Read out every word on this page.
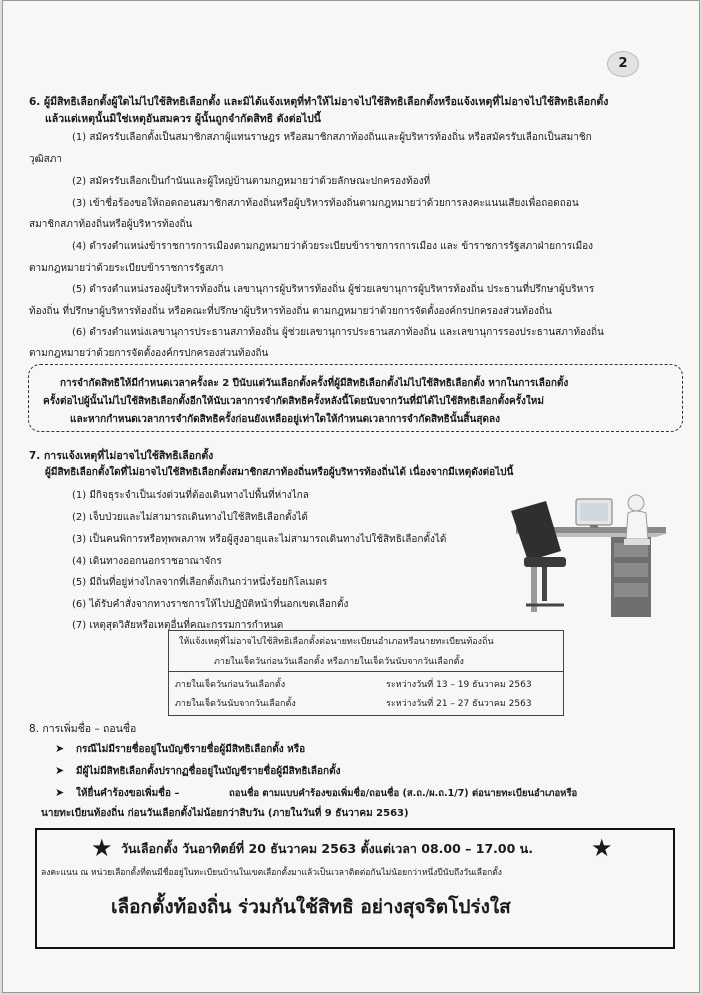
2
6. ผู้มีสิทธิเลือกตั้งผู้ใดไม่ไปใช้สิทธิเลือกตั้ง และมิได้แจ้งเหตุที่ทำให้ไม่อาจไปใช้สิทธิเลือกตั้งหรือแจ้งเหตุที่ไม่อาจไปใช้สิทธิเลือกตั้ง
แล้วแต่เหตุนั้นมิใช่เหตุอันสมควร ผู้นั้นถูกจำกัดสิทธิ ดังต่อไปนี้
(1) สมัครรับเลือกตั้งเป็นสมาชิกสภาผู้แทนราษฎร หรือสมาชิกสภาท้องถิ่นและผู้บริหารท้องถิ่น หรือสมัครรับเลือกเป็นสมาชิก
วุฒิสภา
(2) สมัครรับเลือกเป็นกำนันและผู้ใหญ่บ้านตามกฎหมายว่าด้วยลักษณะปกครองท้องที่
(3) เข้าชื่อร้องขอให้ถอดถอนสมาชิกสภาท้องถิ่นหรือผู้บริหารท้องถิ่นตามกฎหมายว่าด้วยการลงคะแนนเสียงเพื่อถอดถอน
สมาชิกสภาท้องถิ่นหรือผู้บริหารท้องถิ่น
(4) ดำรงตำแหน่งข้าราชการการเมืองตามกฎหมายว่าด้วยระเบียบข้าราชการการเมือง และ ข้าราชการรัฐสภาฝ่ายการเมือง
ตามกฎหมายว่าด้วยระเบียบข้าราชการรัฐสภา
(5) ดำรงตำแหน่งรองผู้บริหารท้องถิ่น เลขานุการผู้บริหารท้องถิ่น ผู้ช่วยเลขานุการผู้บริหารท้องถิ่น ประธานที่ปรึกษาผู้บริหาร
ท้องถิ่น ที่ปรึกษาผู้บริหารท้องถิ่น หรือคณะที่ปรึกษาผู้บริหารท้องถิ่น ตามกฎหมายว่าด้วยการจัดตั้งองค์กรปกครองส่วนท้องถิ่น
(6) ดำรงตำแหน่งเลขานุการประธานสภาท้องถิ่น ผู้ช่วยเลขานุการประธานสภาท้องถิ่น และเลขานุการรองประธานสภาท้องถิ่น
ตามกฎหมายว่าด้วยการจัดตั้งองค์กรปกครองส่วนท้องถิ่น
การจำกัดสิทธิให้มีกำหนดเวลาครั้งละ 2 ปีนับแต่วันเลือกตั้งครั้งที่ผู้มีสิทธิเลือกตั้งไม่ไปใช้สิทธิเลือกตั้ง หากในการเลือกตั้ง
ครั้งต่อไปผู้นั้นไม่ไปใช้สิทธิเลือกตั้งอีกให้นับเวลาการจำกัดสิทธิครั้งหลังนี้โดยนับจากวันที่มิได้ไปใช้สิทธิเลือกตั้งครั้งใหม่
และหากกำหนดเวลาการจำกัดสิทธิครั้งก่อนยังเหลืออยู่เท่าใดให้กำหนดเวลาการจำกัดสิทธินั้นสิ้นสุดลง
7. การแจ้งเหตุที่ไม่อาจไปใช้สิทธิเลือกตั้ง
ผู้มีสิทธิเลือกตั้งใดที่ไม่อาจไปใช้สิทธิเลือกตั้งสมาชิกสภาท้องถิ่นหรือผู้บริหารท้องถิ่นได้ เนื่องจากมีเหตุดังต่อไปนี้
(1) มีกิจธุระจำเป็นเร่งด่วนที่ต้องเดินทางไปพื้นที่ห่างไกล
(2) เจ็บป่วยและไม่สามารถเดินทางไปใช้สิทธิเลือกตั้งได้
(3) เป็นคนพิการหรือทุพพลภาพ หรือผู้สูงอายุและไม่สามารถเดินทางไปใช้สิทธิเลือกตั้งได้
(4) เดินทางออกนอกราชอาณาจักร
(5) มีถิ่นที่อยู่ห่างไกลจากที่เลือกตั้งเกินกว่าหนึ่งร้อยกิโลเมตร
(6) ได้รับคำสั่งจากทางราชการให้ไปปฏิบัติหน้าที่นอกเขตเลือกตั้ง
(7) เหตุสุดวิสัยหรือเหตุอื่นที่คณะกรรมการกำหนด
ให้แจ้งเหตุที่ไม่อาจไปใช้สิทธิเลือกตั้งต่อนายทะเบียนอำเภอหรือนายทะเบียนท้องถิ่น
ภายในเจ็ดวันก่อนวันเลือกตั้ง หรือภายในเจ็ดวันนับจากวันเลือกตั้ง
ภายในเจ็ดวันก่อนวันเลือกตั้ง	ระหว่างวันที่ 13 – 19 ธันวาคม 2563
ภายในเจ็ดวันนับจากวันเลือกตั้ง	ระหว่างวันที่ 21 – 27 ธันวาคม 2563
8. การเพิ่มชื่อ – ถอนชื่อ
➤ กรณีไม่มีรายชื่ออยู่ในบัญชีรายชื่อผู้มีสิทธิเลือกตั้ง หรือ
➤ มีผู้ไม่มีสิทธิเลือกตั้งปรากฏชื่ออยู่ในบัญชีรายชื่อผู้มีสิทธิเลือกตั้ง
➤ ให้ยื่นคำร้องขอเพิ่มชื่อ –	ถอนชื่อ ตามแบบคำร้องขอเพิ่มชื่อ/ถอนชื่อ (ส.ถ./ผ.ถ.1/7) ต่อนายทะเบียนอำเภอหรือ
นายทะเบียนท้องถิ่น ก่อนวันเลือกตั้งไม่น้อยกว่าสิบวัน (ภายในวันที่ 9 ธันวาคม 2563)
★ วันเลือกตั้ง วันอาทิตย์ที่ 20 ธันวาคม 2563 ตั้งแต่เวลา 08.00 – 17.00 น. ★
ลงคะแนน ณ หน่วยเลือกตั้งที่ตนมีชื่ออยู่ในทะเบียนบ้านในเขตเลือกตั้งมาแล้วเป็นเวลาติดต่อกันไม่น้อยกว่าหนึ่งปีนับถึงวันเลือกตั้ง
เลือกตั้งท้องถิ่น ร่วมกันใช้สิทธิ อย่างสุจริตโปร่งใส
